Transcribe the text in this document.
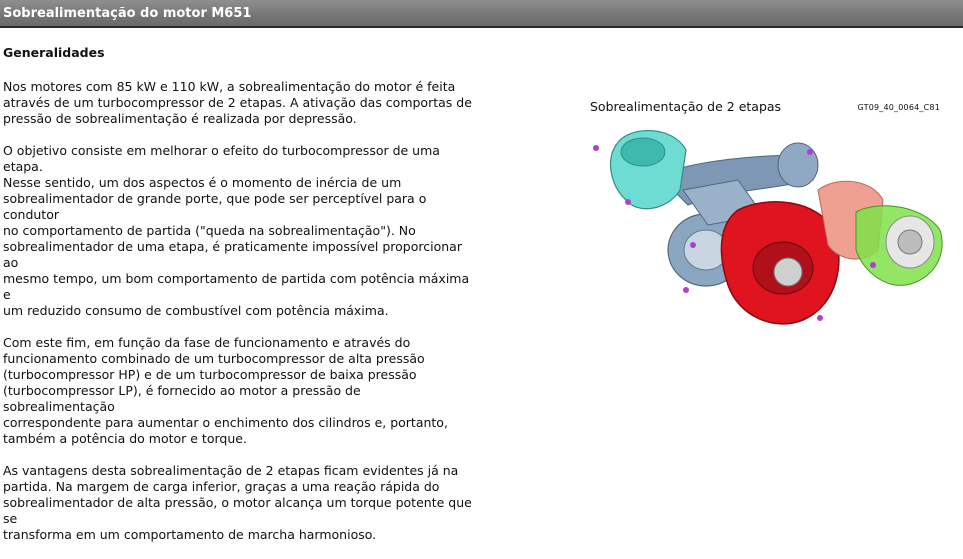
Sobrealimentação do motor M651
Generalidades

Nos motores com 85 kW e 110 kW, a sobrealimentação do motor é feita
através de um turbocompressor de 2 etapas. A ativação das comportas de
pressão de sobrealimentação é realizada por depressão.

O objetivo consiste em melhorar o efeito do turbocompressor de uma etapa.
Nesse sentido, um dos aspectos é o momento de inércia de um
sobrealimentador de grande porte, que pode ser perceptível para o condutor
no comportamento de partida ("queda na sobrealimentação"). No
sobrealimentador de uma etapa, é praticamente impossível proporcionar ao
mesmo tempo, um bom comportamento de partida com potência máxima e
um reduzido consumo de combustível com potência máxima.

Com este fim, em função da fase de funcionamento e através do
funcionamento combinado de um turbocompressor de alta pressão
(turbocompressor HP) e de um turbocompressor de baixa pressão
(turbocompressor LP), é fornecido ao motor a pressão de sobrealimentação
correspondente para aumentar o enchimento dos cilindros e, portanto,
também a potência do motor e torque.

As vantagens desta sobrealimentação de 2 etapas ficam evidentes já na
partida. Na margem de carga inferior, graças a uma reação rápida do
sobrealimentador de alta pressão, o motor alcança um torque potente que se
transforma em um comportamento de marcha harmonioso.

Sobrealimentação de 2 etapas	GT09_40_0064_C81
